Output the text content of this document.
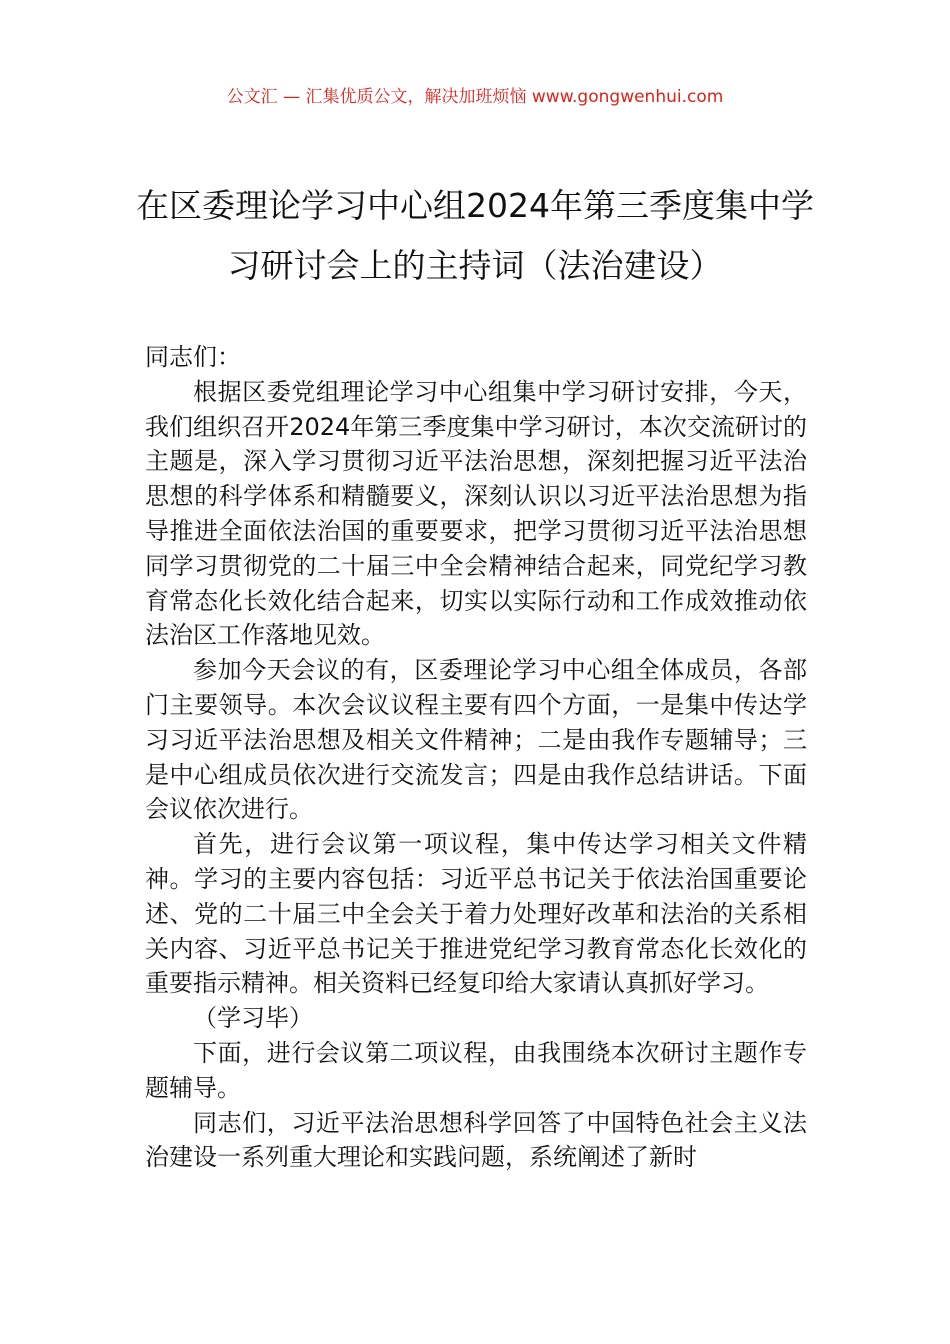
公文汇 — 汇集优质公文，解决加班烦恼 www.gongwenhui.com
在区委理论学习中心组2024年第三季度集中学习研讨会上的主持词（法治建设）

同志们：

根据区委党组理论学习中心组集中学习研讨安排，今天，我们组织召开2024年第三季度集中学习研讨，本次交流研讨的主题是，深入学习贯彻习近平法治思想，深刻把握习近平法治思想的科学体系和精髓要义，深刻认识以习近平法治思想为指导推进全面依法治国的重要要求，把学习贯彻习近平法治思想同学习贯彻党的二十届三中全会精神结合起来，同党纪学习教育常态化长效化结合起来，切实以实际行动和工作成效推动依法治区工作落地见效。

参加今天会议的有，区委理论学习中心组全体成员，各部门主要领导。本次会议议程主要有四个方面，一是集中传达学习习近平法治思想及相关文件精神；二是由我作专题辅导；三是中心组成员依次进行交流发言；四是由我作总结讲话。下面会议依次进行。

首先，进行会议第一项议程，集中传达学习相关文件精神。学习的主要内容包括：习近平总书记关于依法治国重要论述、党的二十届三中全会关于着力处理好改革和法治的关系相关内容、习近平总书记关于推进党纪学习教育常态化长效化的重要指示精神。相关资料已经复印给大家请认真抓好学习。

（学习毕）

下面，进行会议第二项议程，由我围绕本次研讨主题作专题辅导。

同志们，习近平法治思想科学回答了中国特色社会主义法治建设一系列重大理论和实践问题，系统阐述了新时
